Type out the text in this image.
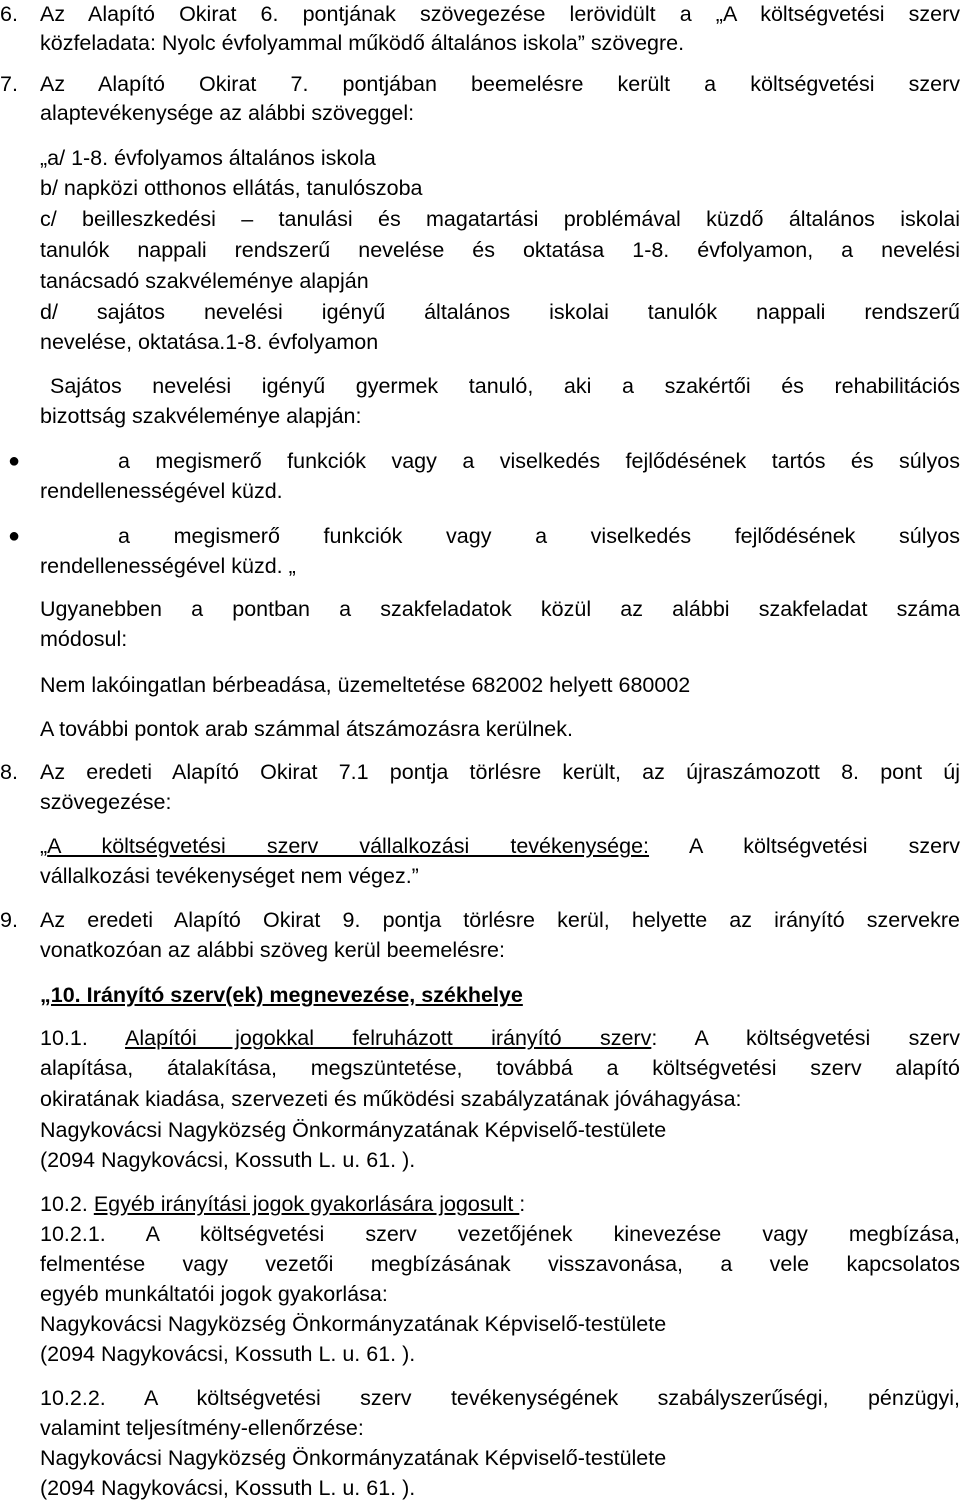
6.	Az Alapító Okirat 6. pontjának szövegezése lerövidült a „A költségvetési szerv
közfeladata: Nyolc évfolyammal működő általános iskola” szövegre.
7.	Az Alapító Okirat 7. pontjában beemelésre került a költségvetési szerv
alaptevékenysége az alábbi szöveggel:
„a/ 1-8. évfolyamos általános iskola
b/ napközi otthonos ellátás, tanulószoba
c/ beilleszkedési – tanulási és magatartási problémával küzdő általános iskolai
tanulók nappali rendszerű nevelése és oktatása 1-8. évfolyamon, a nevelési
tanácsadó szakvéleménye alapján
d/ sajátos nevelési igényű általános iskolai tanulók nappali rendszerű
nevelése, oktatása.1-8. évfolyamon
Sajátos nevelési igényű gyermek tanuló, aki a szakértői és rehabilitációs
bizottság szakvéleménye alapján:
●	a megismerő funkciók vagy a viselkedés fejlődésének tartós és súlyos
rendellenességével küzd.
●	a megismerő funkciók vagy a viselkedés fejlődésének súlyos
rendellenességével küzd. „
Ugyanebben a pontban a szakfeladatok közül az alábbi szakfeladat száma
módosul:
Nem lakóingatlan bérbeadása, üzemeltetése 682002 helyett 680002
A további pontok arab számmal átszámozásra kerülnek.
8.	Az eredeti Alapító Okirat 7.1 pontja törlésre került, az újraszámozott 8. pont új
szövegezése:
„A költségvetési szerv vállalkozási tevékenysége: A költségvetési szerv
vállalkozási tevékenységet nem végez.”
9.	Az eredeti Alapító Okirat 9. pontja törlésre kerül, helyette az irányító szervekre
vonatkozóan az alábbi szöveg kerül beemelésre:
„10. Irányító szerv(ek) megnevezése, székhelye
10.1. Alapítói jogokkal felruházott irányító szerv: A költségvetési szerv
alapítása, átalakítása, megszüntetése, továbbá a költségvetési szerv alapító
okiratának kiadása, szervezeti és működési szabályzatának jóváhagyása:
Nagykovácsi Nagyközség Önkormányzatának Képviselő-testülete
(2094 Nagykovácsi, Kossuth L. u. 61. ).
10.2. Egyéb irányítási jogok gyakorlására jogosult :
10.2.1. A költségvetési szerv vezetőjének kinevezése vagy megbízása,
felmentése vagy vezetői megbízásának visszavonása, a vele kapcsolatos
egyéb munkáltatói jogok gyakorlása:
Nagykovácsi Nagyközség Önkormányzatának Képviselő-testülete
(2094 Nagykovácsi, Kossuth L. u. 61. ).
10.2.2. A költségvetési szerv tevékenységének szabályszerűségi, pénzügyi,
valamint teljesítmény-ellenőrzése:
Nagykovácsi Nagyközség Önkormányzatának Képviselő-testülete
(2094 Nagykovácsi, Kossuth L. u. 61. ).
